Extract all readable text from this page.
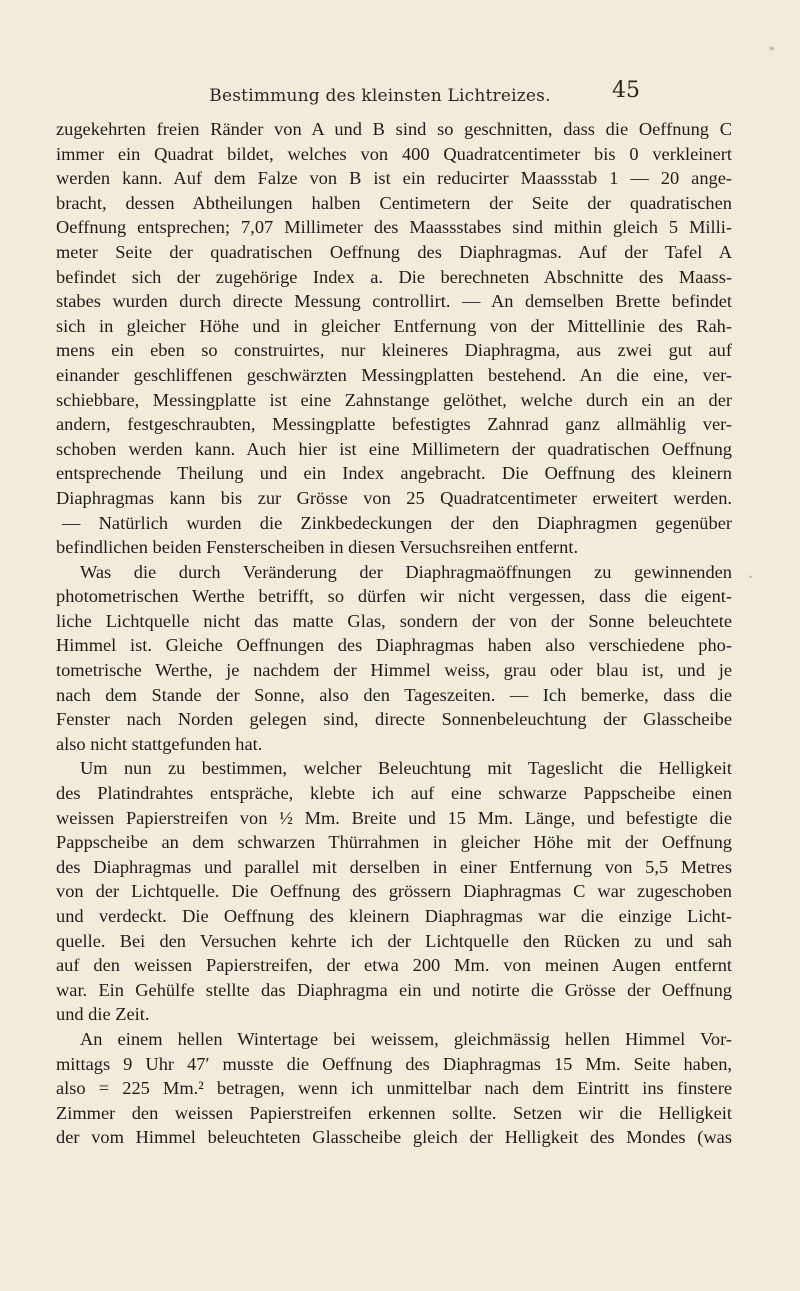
Bestimmung des kleinsten Lichtreizes.	45
»
`
zugekehrten freien Ränder von A und B sind so geschnitten, dass die Oeffnung C
immer ein Quadrat bildet, welches von 400 Quadratcentimeter bis 0 verkleinert
werden kann. Auf dem Falze von B ist ein reducirter Maassstab 1 — 20 ange-
bracht, dessen Abtheilungen halben Centimetern der Seite der quadratischen
Oeffnung entsprechen; 7,07 Millimeter des Maassstabes sind mithin gleich 5 Milli-
meter Seite der quadratischen Oeffnung des Diaphragmas. Auf der Tafel A
befindet sich der zugehörige Index a. Die berechneten Abschnitte des Maass-
stabes wurden durch directe Messung controllirt. — An demselben Brette befindet
sich in gleicher Höhe und in gleicher Entfernung von der Mittellinie des Rah-
mens ein eben so construirtes, nur kleineres Diaphragma, aus zwei gut auf
einander geschliffenen geschwärzten Messingplatten bestehend. An die eine, ver-
schiebbare, Messingplatte ist eine Zahnstange gelöthet, welche durch ein an der
andern, festgeschraubten, Messingplatte befestigtes Zahnrad ganz allmählig ver-
schoben werden kann. Auch hier ist eine Millimetern der quadratischen Oeffnung
entsprechende Theilung und ein Index angebracht. Die Oeffnung des kleinern
Diaphragmas kann bis zur Grösse von 25 Quadratcentimeter erweitert werden.
— Natürlich wurden die Zinkbedeckungen der den Diaphragmen gegenüber
befindlichen beiden Fensterscheiben in diesen Versuchsreihen entfernt.
Was die durch Veränderung der Diaphragmaöffnungen zu gewinnenden
photometrischen Werthe betrifft, so dürfen wir nicht vergessen, dass die eigent-
liche Lichtquelle nicht das matte Glas, sondern der von der Sonne beleuchtete
Himmel ist. Gleiche Oeffnungen des Diaphragmas haben also verschiedene pho-
tometrische Werthe, je nachdem der Himmel weiss, grau oder blau ist, und je
nach dem Stande der Sonne, also den Tageszeiten. — Ich bemerke, dass die
Fenster nach Norden gelegen sind, directe Sonnenbeleuchtung der Glasscheibe
also nicht stattgefunden hat.
Um nun zu bestimmen, welcher Beleuchtung mit Tageslicht die Helligkeit
des Platindrahtes entspräche, klebte ich auf eine schwarze Pappscheibe einen
weissen Papierstreifen von ½ Mm. Breite und 15 Mm. Länge, und befestigte die
Pappscheibe an dem schwarzen Thürrahmen in gleicher Höhe mit der Oeffnung
des Diaphragmas und parallel mit derselben in einer Entfernung von 5,5 Metres
von der Lichtquelle. Die Oeffnung des grössern Diaphragmas C war zugeschoben
und verdeckt. Die Oeffnung des kleinern Diaphragmas war die einzige Licht-
quelle. Bei den Versuchen kehrte ich der Lichtquelle den Rücken zu und sah
auf den weissen Papierstreifen, der etwa 200 Mm. von meinen Augen entfernt
war. Ein Gehülfe stellte das Diaphragma ein und notirte die Grösse der Oeffnung
und die Zeit.
An einem hellen Wintertage bei weissem, gleichmässig hellen Himmel Vor-
mittags 9 Uhr 47′ musste die Oeffnung des Diaphragmas 15 Mm. Seite haben,
also = 225 Mm.² betragen, wenn ich unmittelbar nach dem Eintritt ins finstere
Zimmer den weissen Papierstreifen erkennen sollte. Setzen wir die Helligkeit
der vom Himmel beleuchteten Glasscheibe gleich der Helligkeit des Mondes (was
